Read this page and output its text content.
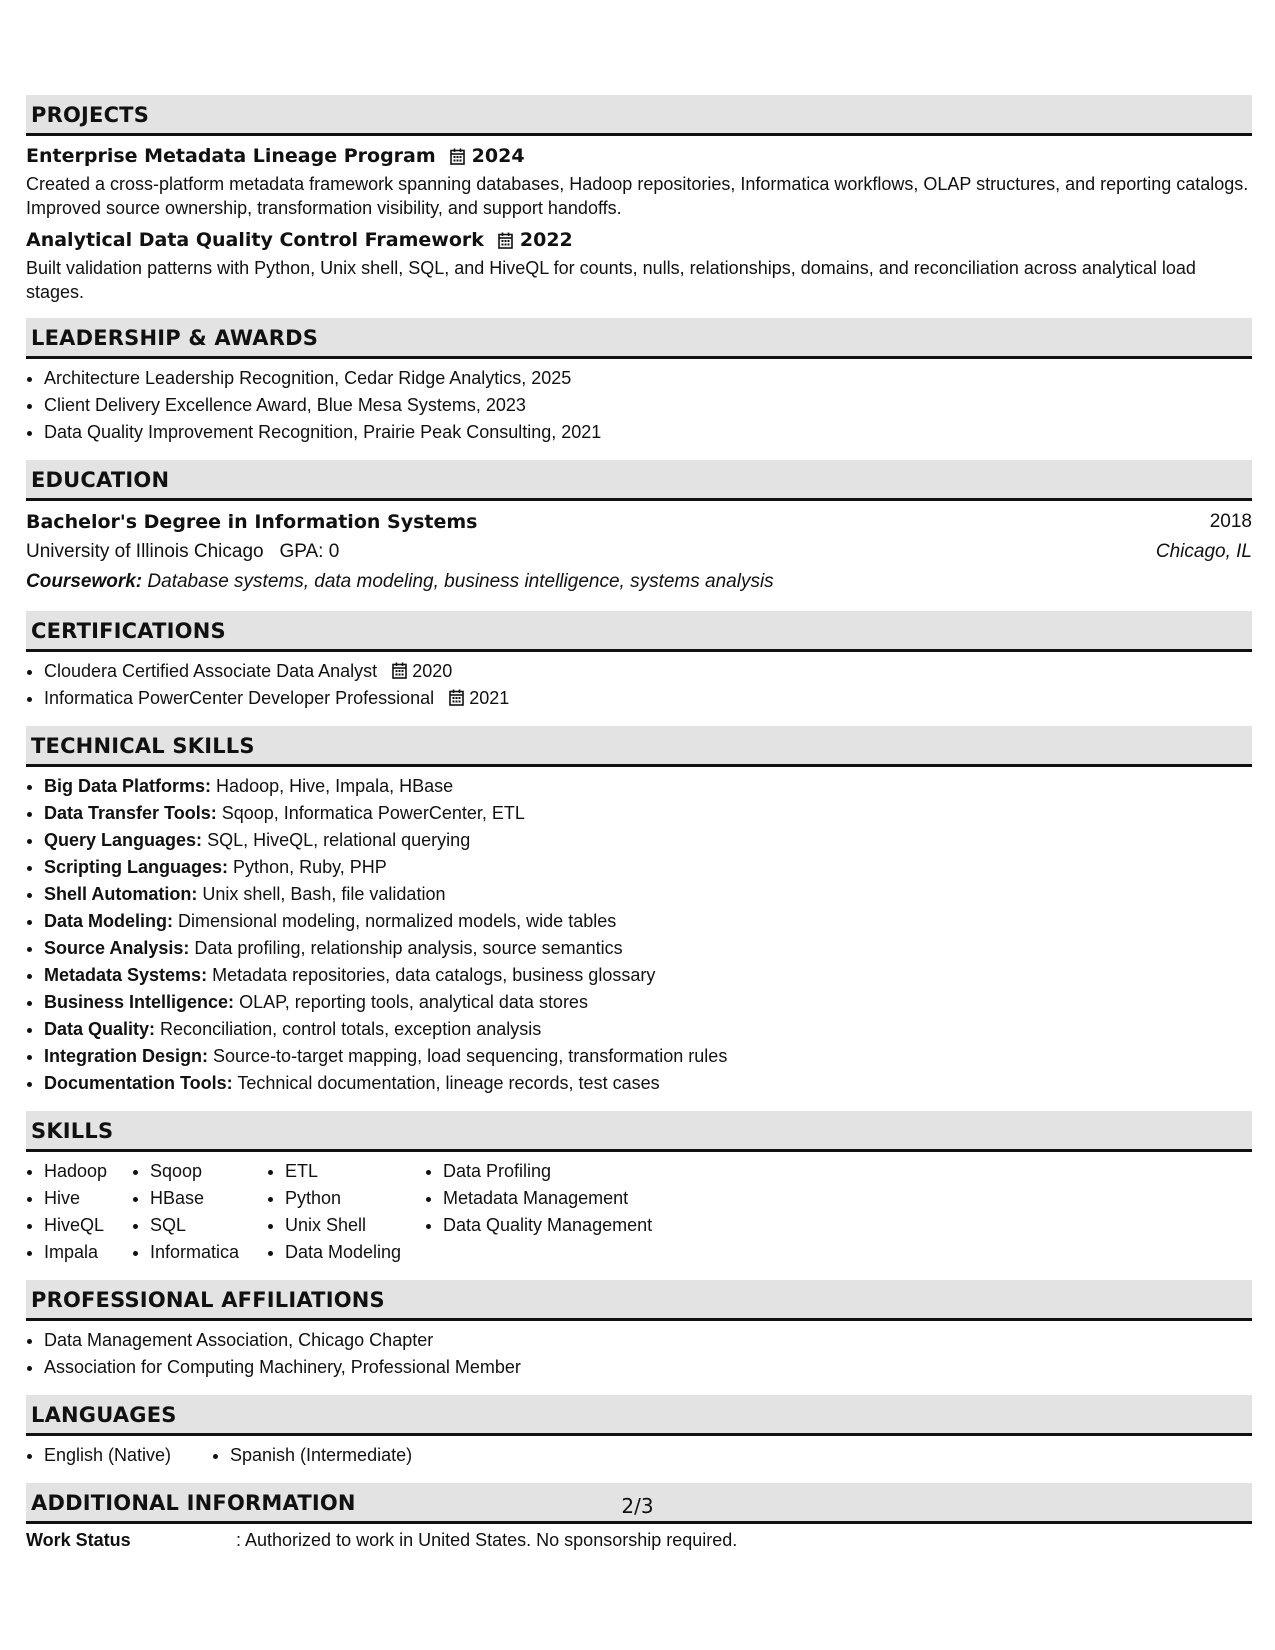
PROJECTS
Enterprise Metadata Lineage Program 2024
Created a cross-platform metadata framework spanning databases, Hadoop repositories, Informatica workflows, OLAP structures, and reporting catalogs. Improved source ownership, transformation visibility, and support handoffs.
Analytical Data Quality Control Framework 2022
Built validation patterns with Python, Unix shell, SQL, and HiveQL for counts, nulls, relationships, domains, and reconciliation across analytical load stages.
LEADERSHIP & AWARDS
• Architecture Leadership Recognition, Cedar Ridge Analytics, 2025
• Client Delivery Excellence Award, Blue Mesa Systems, 2023
• Data Quality Improvement Recognition, Prairie Peak Consulting, 2021
EDUCATION
Bachelor's Degree in Information Systems	2018
University of Illinois Chicago GPA: 0	Chicago, IL
Coursework: Database systems, data modeling, business intelligence, systems analysis
CERTIFICATIONS
• Cloudera Certified Associate Data Analyst 2020
• Informatica PowerCenter Developer Professional 2021
TECHNICAL SKILLS
• Big Data Platforms: Hadoop, Hive, Impala, HBase
• Data Transfer Tools: Sqoop, Informatica PowerCenter, ETL
• Query Languages: SQL, HiveQL, relational querying
• Scripting Languages: Python, Ruby, PHP
• Shell Automation: Unix shell, Bash, file validation
• Data Modeling: Dimensional modeling, normalized models, wide tables
• Source Analysis: Data profiling, relationship analysis, source semantics
• Metadata Systems: Metadata repositories, data catalogs, business glossary
• Business Intelligence: OLAP, reporting tools, analytical data stores
• Data Quality: Reconciliation, control totals, exception analysis
• Integration Design: Source-to-target mapping, load sequencing, transformation rules
• Documentation Tools: Technical documentation, lineage records, test cases
SKILLS
• Hadoop
• Hive
• HiveQL
• Impala
• Sqoop
• HBase
• SQL
• Informatica
• ETL
• Python
• Unix Shell
• Data Modeling
• Data Profiling
• Metadata Management
• Data Quality Management
PROFESSIONAL AFFILIATIONS
• Data Management Association, Chicago Chapter
• Association for Computing Machinery, Professional Member
LANGUAGES
• English (Native)
•	Spanish (Intermediate)
ADDITIONAL INFORMATION
Work Status	: Authorized to work in United States. No sponsorship required.
2/3
